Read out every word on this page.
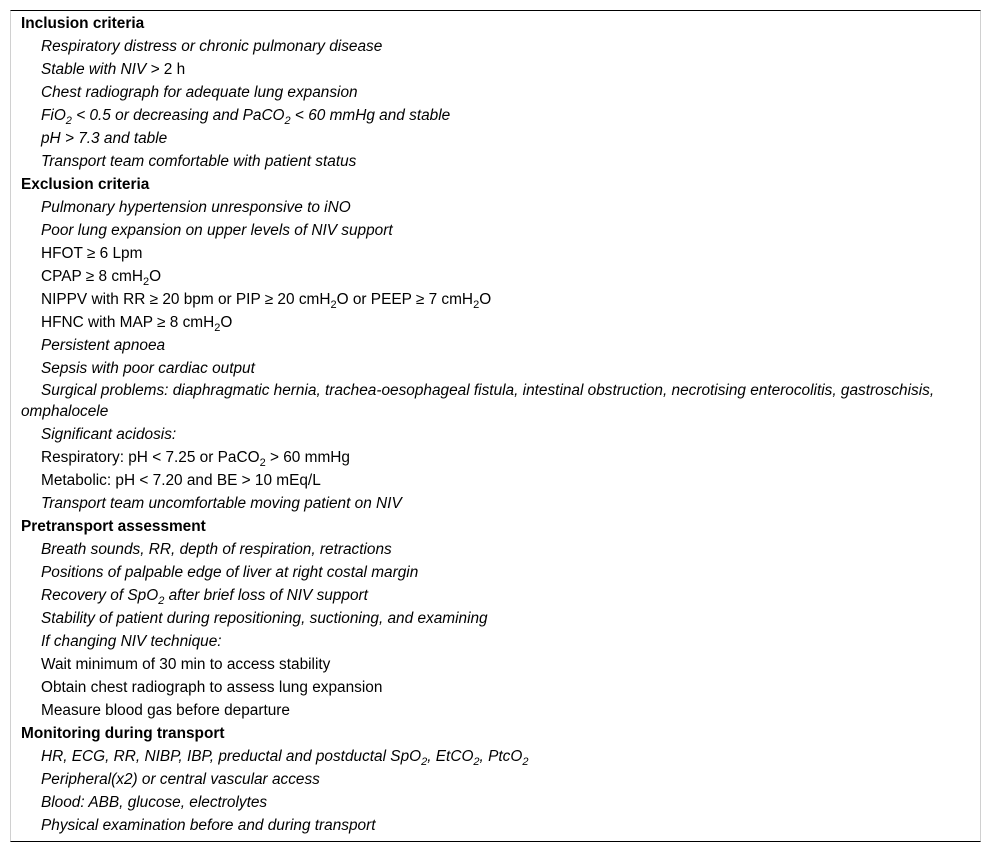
Inclusion criteria
Respiratory distress or chronic pulmonary disease
Stable with NIV > 2 h
Chest radiograph for adequate lung expansion
FiO$_2$ < 0.5 or decreasing and PaCO$_2$ < 60 mmHg and stable
pH > 7.3 and table
Transport team comfortable with patient status
Exclusion criteria
Pulmonary hypertension unresponsive to iNO
Poor lung expansion on upper levels of NIV support
HFOT ≥ 6 Lpm
CPAP ≥ 8 cmH$_2$O
NIPPV with RR ≥ 20 bpm or PIP ≥ 20 cmH$_2$O or PEEP ≥ 7 cmH$_2$O
HFNC with MAP ≥ 8 cmH$_2$O
Persistent apnoea
Sepsis with poor cardiac output
Surgical problems: diaphragmatic hernia, trachea-oesophageal fistula, intestinal obstruction, necrotising enterocolitis, gastroschisis, omphalocele
Significant acidosis:
Respiratory: pH < 7.25 or PaCO$_2$ > 60 mmHg
Metabolic: pH < 7.20 and BE > 10 mEq/L
Transport team uncomfortable moving patient on NIV
Pretransport assessment
Breath sounds, RR, depth of respiration, retractions
Positions of palpable edge of liver at right costal margin
Recovery of SpO$_2$ after brief loss of NIV support
Stability of patient during repositioning, suctioning, and examining
If changing NIV technique:
Wait minimum of 30 min to access stability
Obtain chest radiograph to assess lung expansion
Measure blood gas before departure
Monitoring during transport
HR, ECG, RR, NIBP, IBP, preductal and postductal SpO$_2$, EtCO$_2$, PtcO$_2$
Peripheral(x2) or central vascular access
Blood: ABB, glucose, electrolytes
Physical examination before and during transport
